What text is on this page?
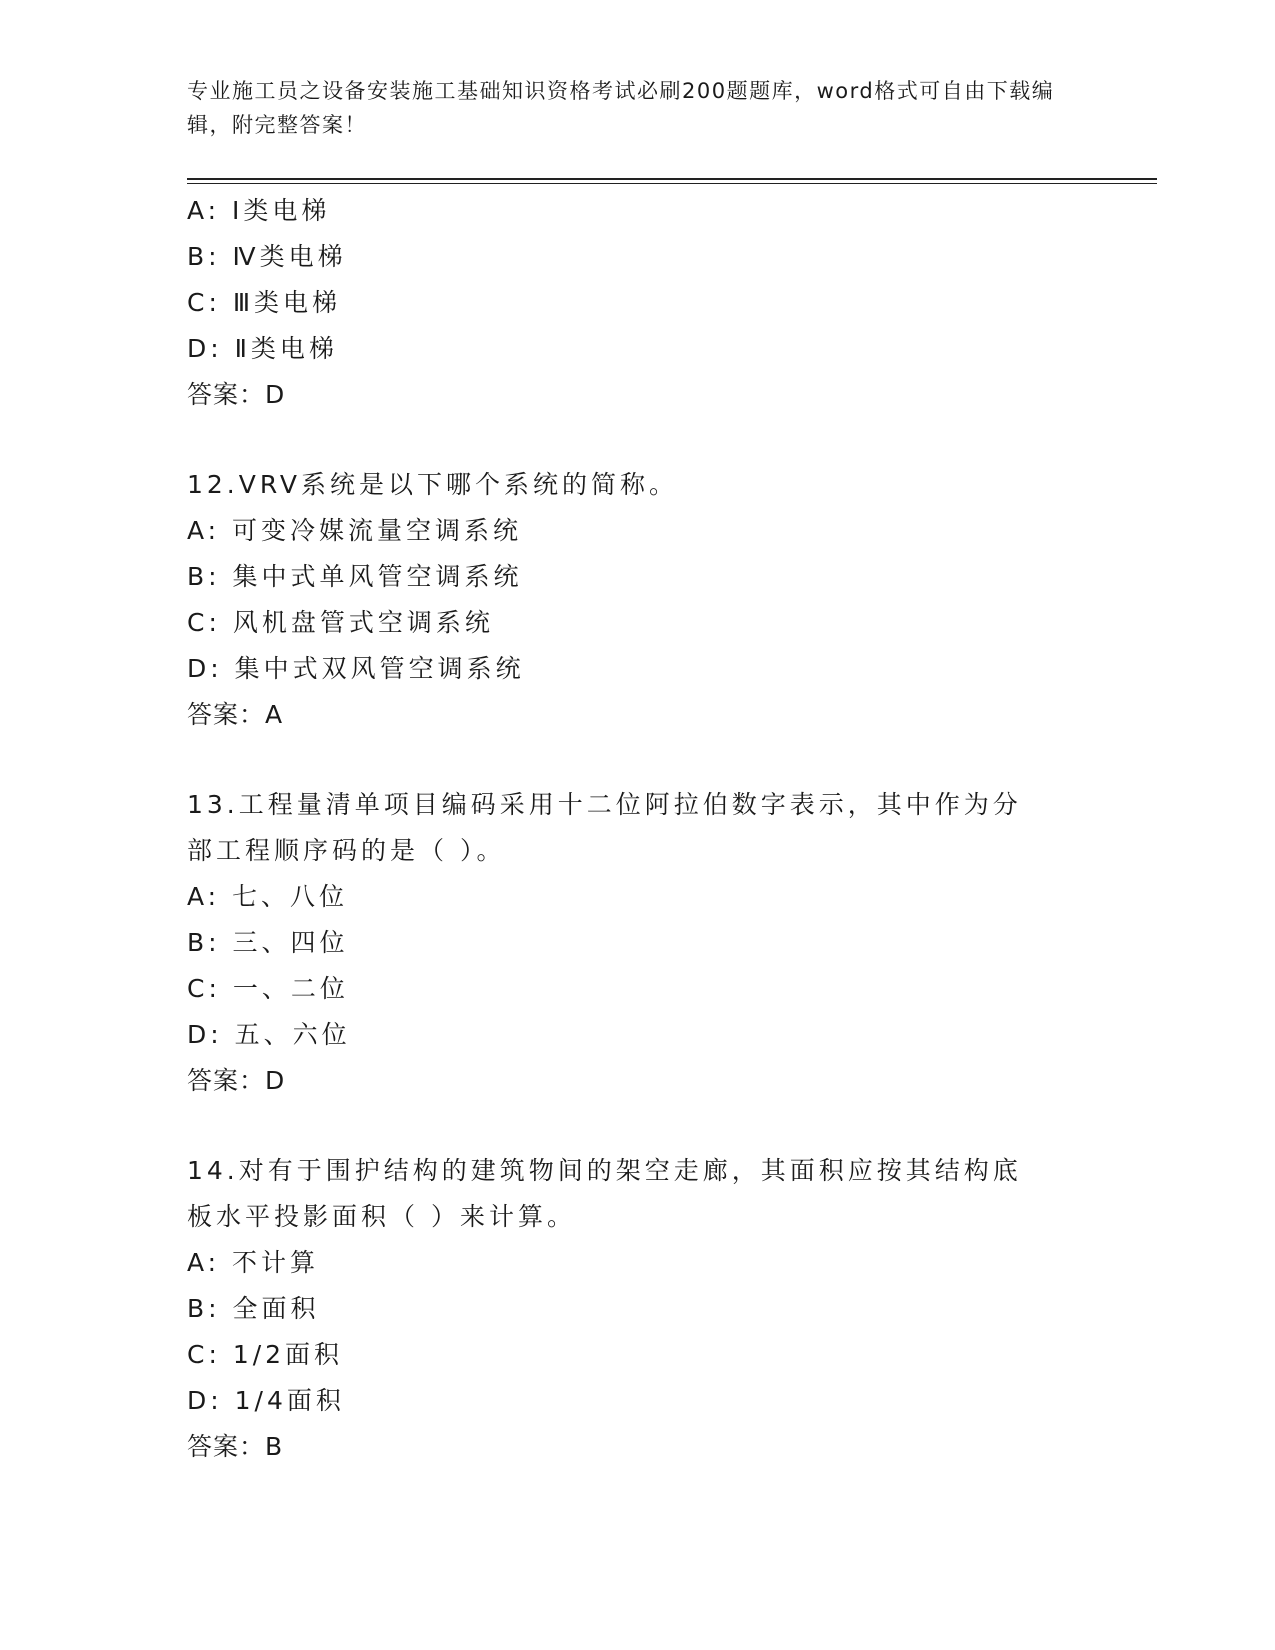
专业施工员之设备安装施工基础知识资格考试必刷200题题库，word格式可自由下载编辑，附完整答案！
A: Ⅰ类电梯
B: Ⅳ类电梯
C: Ⅲ类电梯
D: Ⅱ类电梯
答案：D
12.VRV系统是以下哪个系统的简称。
A: 可变冷媒流量空调系统
B: 集中式单风管空调系统
C: 风机盘管式空调系统
D: 集中式双风管空调系统
答案：A
13.工程量清单项目编码采用十二位阿拉伯数字表示，其中作为分部工程顺序码的是（ ）。
A: 七、八位
B: 三、四位
C: 一、二位
D: 五、六位
答案：D
14.对有于围护结构的建筑物间的架空走廊，其面积应按其结构底板水平投影面积（ ）来计算。
A: 不计算
B: 全面积
C: 1/2面积
D: 1/4面积
答案：B
